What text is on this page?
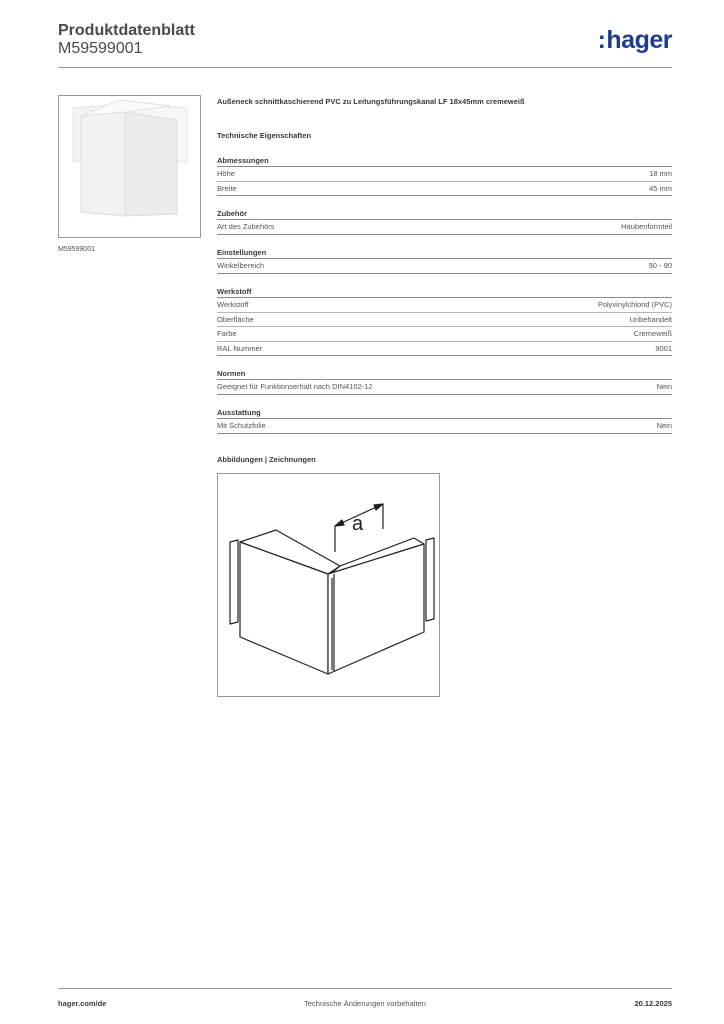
Produktdatenblatt
M59599001	:hager
M59599001
Außeneck schnittkaschierend PVC zu Leitungsführungskanal LF 18x45mm cremeweiß
Technische Eigenschaften
Abmessungen
Höhe	18 mm
Breite	45 mm
Zubehör
Art des Zubehörs	Haubenformteil
Einstellungen
Winkelbereich	90 - 90
Werkstoff
Werkstoff	Polyvinylchlorid (PVC)
Oberfläche	Unbehandelt
Farbe	Cremeweiß
RAL Nummer	9001
Normen
Geeignet für Funktionserhalt nach DIN4102-12	Nein
Ausstattung
Mit Schutzfolie	Nein
Abbildungen | Zeichnungen
a
hager.com/de	Technische Änderungen vorbehalten	20.12.2025
